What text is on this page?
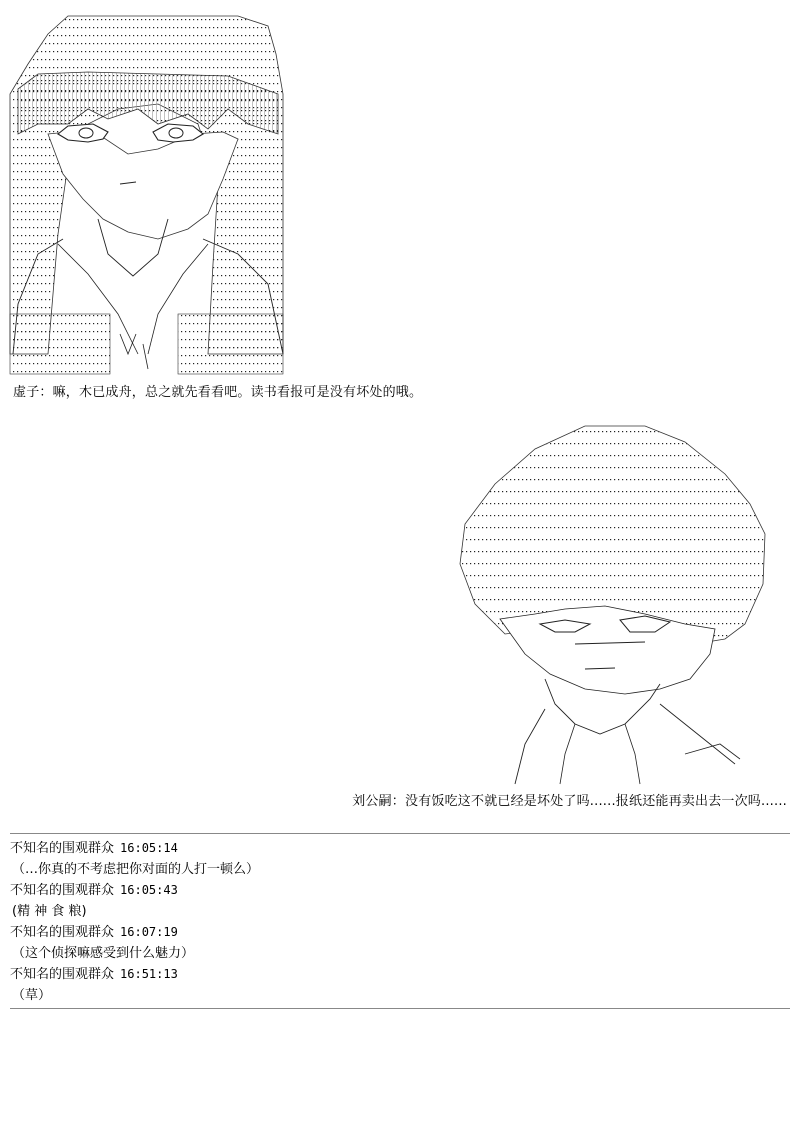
虚子：嘛，木已成舟，总之就先看看吧。读书看报可是没有坏处的哦。
刘公嗣：没有饭吃这不就已经是坏处了吗......报纸还能再卖出去一次吗......
不知名的围观群众 16:05:14
（…你真的不考虑把你对面的人打一顿么）
不知名的围观群众 16:05:43
(精 神 食 粮)
不知名的围观群众 16:07:19
（这个侦探嘛感受到什么魅力）
不知名的围观群众 16:51:13
（草）
